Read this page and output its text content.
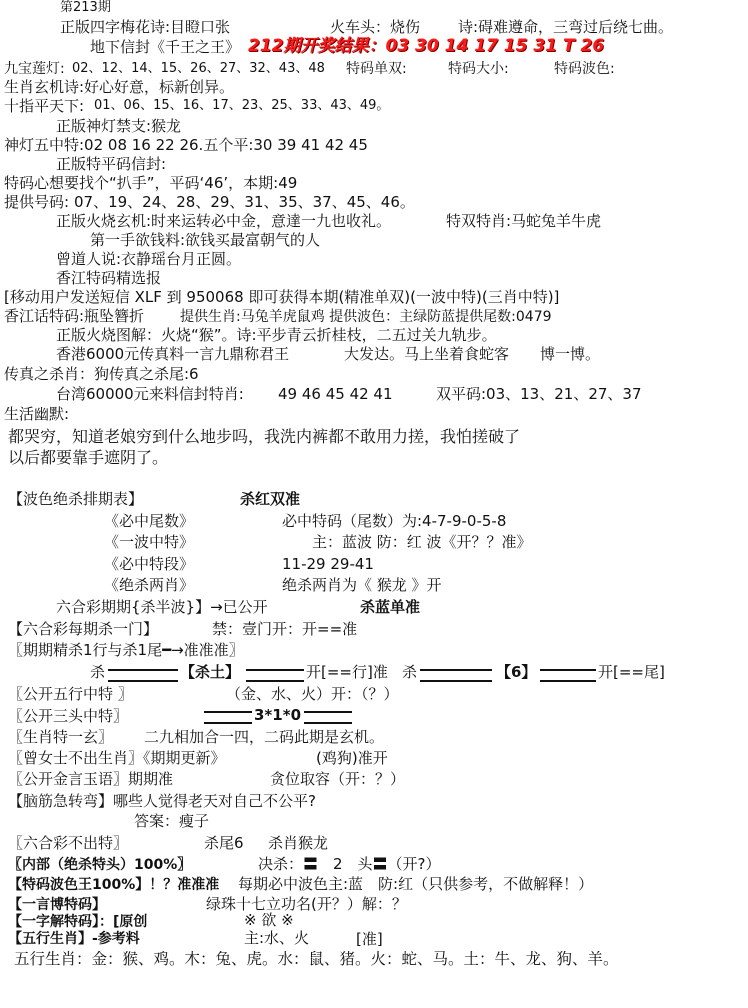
第213期
正版四字梅花诗:目瞪口张	火车头：烧伤	诗:碍难遵命，三弯过后绕七曲。
地下信封《千王之王》 212期开奖结果：03 30 14 17 15 31 T 26
九宝莲灯: 02、12、14、15、26、27、32、43、48 特码单双:	特码大小:	特码波色:
生肖玄机诗:好心好意，标新创异。
十指平天下: 01、06、15、16、17、23、25、33、43、49。
正版神灯禁支:猴龙
神灯五中特:02 08 16 22 26.五个平:30 39 41 42 45
正版特平码信封:
特码心想要找个“扒手”，平码‘46’，本期:49
提供号码: 07、19、24、28、29、31、35、37、45、46。
正版火烧玄机:时来运转必中金，意達一九也收礼。	特双特肖:马蛇兔羊牛虎
第一手欲钱料:欲钱买最富朝气的人
曾道人说:衣静瑶台月正圆。
香江特码精选报
[移动用户发送短信 XLF 到 950068 即可获得本期(精准单双)(一波中特)(三肖中特)]
香江话特码:瓶坠簪折	提供生肖:马兔羊虎鼠鸡 提供波色：主绿防蓝提供尾数:0479
正版火烧图解：火烧“猴”。诗:平步青云折桂枝，二五过关九轨步。
香港6000元传真料一言九鼎称君王	大发达。马上坐着食蛇客 博一博。
传真之杀肖：狗传真之杀尾:6
台湾60000元来料信封特肖: 49 46 45 42 41	双平码:03、13、21、27、37
生活幽默:
都哭穷，知道老娘穷到什么地步吗，我洗内裤都不敢用力搓，我怕搓破了
以后都要靠手遮阴了。
【波色绝杀排期表】	杀红双准
《必中尾数》	必中特码（尾数）为:4-7-9-0-5-8
《一波中特》	主：蓝波 防：红 波《开？？准》
《必中特段》	11-29 29-41
《绝杀两肖》	绝杀两肖为《 猴龙 》开
六合彩期期{杀半波}】→已公开	杀蓝单准
【六合彩每期杀一门】	禁：壹门开：开==准
〖期期精杀1行与杀1尾━→准准准〗
杀	【杀土】	开[==行]准 杀	【6】	开[==尾]
〖公开五行中特 〗	（金、水、火）开：（？）
〖公开三头中特〗	3*1*0
〖生肖特一玄〗 二九相加合一四，二码此期是玄机。
〖曾女士不出生肖〗《期期更新》	(鸡狗)准开
〖公开金言玉语〗期期准	贪位取容（开：？）
【脑筋急转弯】哪些人觉得老天对自己不公平?
答案：瘦子
〖六合彩不出特〗	杀尾6 杀肖猴龙
〖内部（绝杀特头）100%〗	决杀：〓　2　头〓（开?）
【特码波色王100%】！？准准准 每期必中波色主:蓝　防:红（只供参考，不做解释！）
【一言博特码】	绿珠十七立功名(开？）解：？
【一字解特码】：[原创	※ 欲 ※
【五行生肖】-参考料	主:水、火	[准]
五行生肖：金：猴、鸡。木：兔、虎。水：鼠、猪。火：蛇、马。土：牛、龙、狗、羊。
